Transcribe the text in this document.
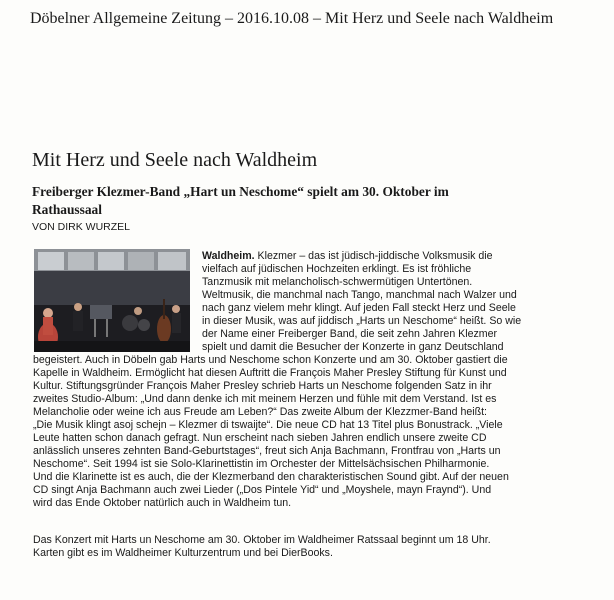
Döbelner Allgemeine Zeitung – 2016.10.08 – Mit Herz und Seele nach Waldheim
Mit Herz und Seele nach Waldheim
Freiberger Klezmer-Band „Hart un Neschome“ spielt am 30. Oktober im
Rathaussaal
VON DIRK WURZEL
Waldheim. Klezmer – das ist jüdisch-jiddische Volksmusik die
vielfach auf jüdischen Hochzeiten erklingt. Es ist fröhliche
Tanzmusik mit melancholisch-schwermütigen Untertönen.
Weltmusik, die manchmal nach Tango, manchmal nach Walzer und
nach ganz vielem mehr klingt. Auf jeden Fall steckt Herz und Seele
in dieser Musik, was auf jiddisch „Harts un Neschome“ heißt. So wie
der Name einer Freiberger Band, die seit zehn Jahren Klezmer
spielt und damit die Besucher der Konzerte in ganz Deutschland
begeistert. Auch in Döbeln gab Harts und Neschome schon Konzerte und am 30. Oktober gastiert die
Kapelle in Waldheim. Ermöglicht hat diesen Auftritt die François Maher Presley Stiftung für Kunst und
Kultur. Stiftungsgründer François Maher Presley schrieb Harts un Neschome folgenden Satz in ihr
zweites Studio-Album: „Und dann denke ich mit meinem Herzen und fühle mit dem Verstand. Ist es
Melancholie oder weine ich aus Freude am Leben?“ Das zweite Album der Klezzmer-Band heißt:
„Die Musik klingt asoj schejn – Klezmer di tswaijte“. Die neue CD hat 13 Titel plus Bonustrack. „Viele
Leute hatten schon danach gefragt. Nun erscheint nach sieben Jahren endlich unsere zweite CD
anlässlich unseres zehnten Band-Geburtstages“, freut sich Anja Bachmann, Frontfrau von „Harts un
Neschome“. Seit 1994 ist sie Solo-Klarinettistin im Orchester der Mittelsächsischen Philharmonie.
Und die Klarinette ist es auch, die der Klezmerband den charakteristischen Sound gibt. Auf der neuen
CD singt Anja Bachmann auch zwei Lieder („Dos Pintele Yid“ und „Moyshele, mayn Fraynd“). Und
wird das Ende Oktober natürlich auch in Waldheim tun.
Das Konzert mit Harts un Neschome am 30. Oktober im Waldheimer Ratssaal beginnt um 18 Uhr.
Karten gibt es im Waldheimer Kulturzentrum und bei DierBooks.
